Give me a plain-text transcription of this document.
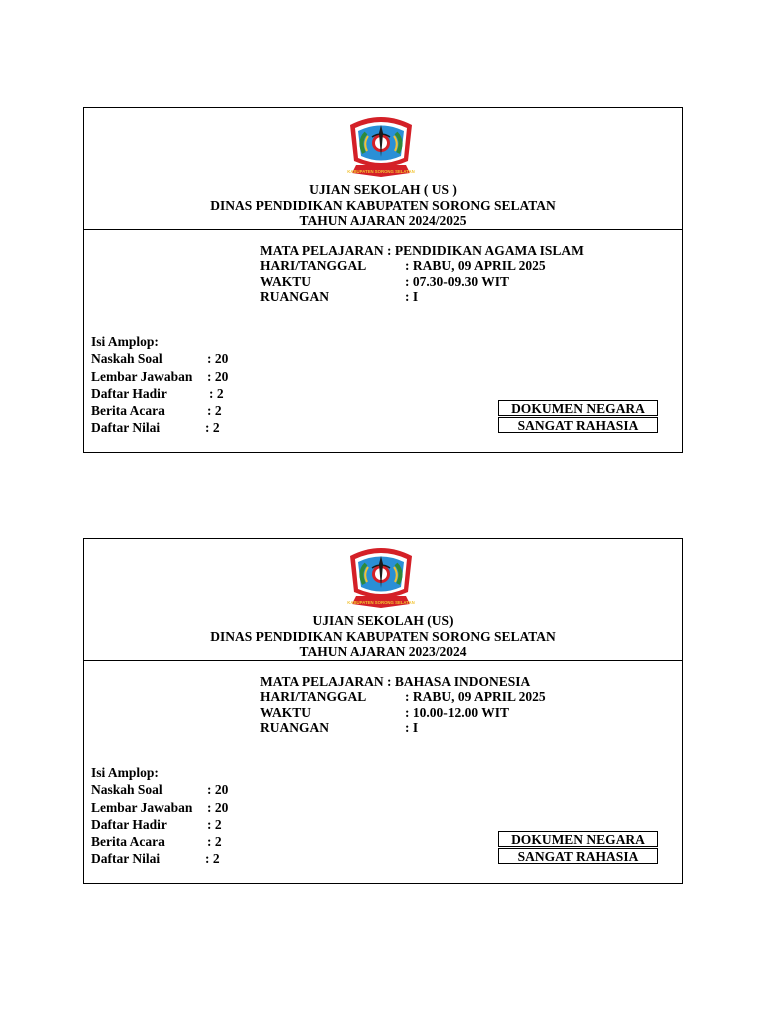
KABUPATEN SORONG SELATAN
UJIAN SEKOLAH ( US )
DINAS PENDIDIKAN KABUPATEN SORONG SELATAN
TAHUN AJARAN 2024/2025
MATA PELAJARAN : PENDIDIKAN AGAMA ISLAM
HARI/TANGGAL	: RABU, 09 APRIL 2025
WAKTU	: 07.30-09.30 WIT
RUANGAN	: I
Isi Amplop:
Naskah Soal	: 20
Lembar Jawaban : 20
Daftar Hadir	: 2
Berita Acara	: 2
Daftar Nilai	: 2
DOKUMEN NEGARA
SANGAT RAHASIA
KABUPATEN SORONG SELATAN
UJIAN SEKOLAH (US)
DINAS PENDIDIKAN KABUPATEN SORONG SELATAN
TAHUN AJARAN 2023/2024
MATA PELAJARAN : BAHASA INDONESIA
HARI/TANGGAL	: RABU, 09 APRIL 2025
WAKTU	: 10.00-12.00 WIT
RUANGAN	: I
Isi Amplop:
Naskah Soal	: 20
Lembar Jawaban : 20
Daftar Hadir	: 2
Berita Acara	: 2
Daftar Nilai	: 2
DOKUMEN NEGARA
SANGAT RAHASIA
